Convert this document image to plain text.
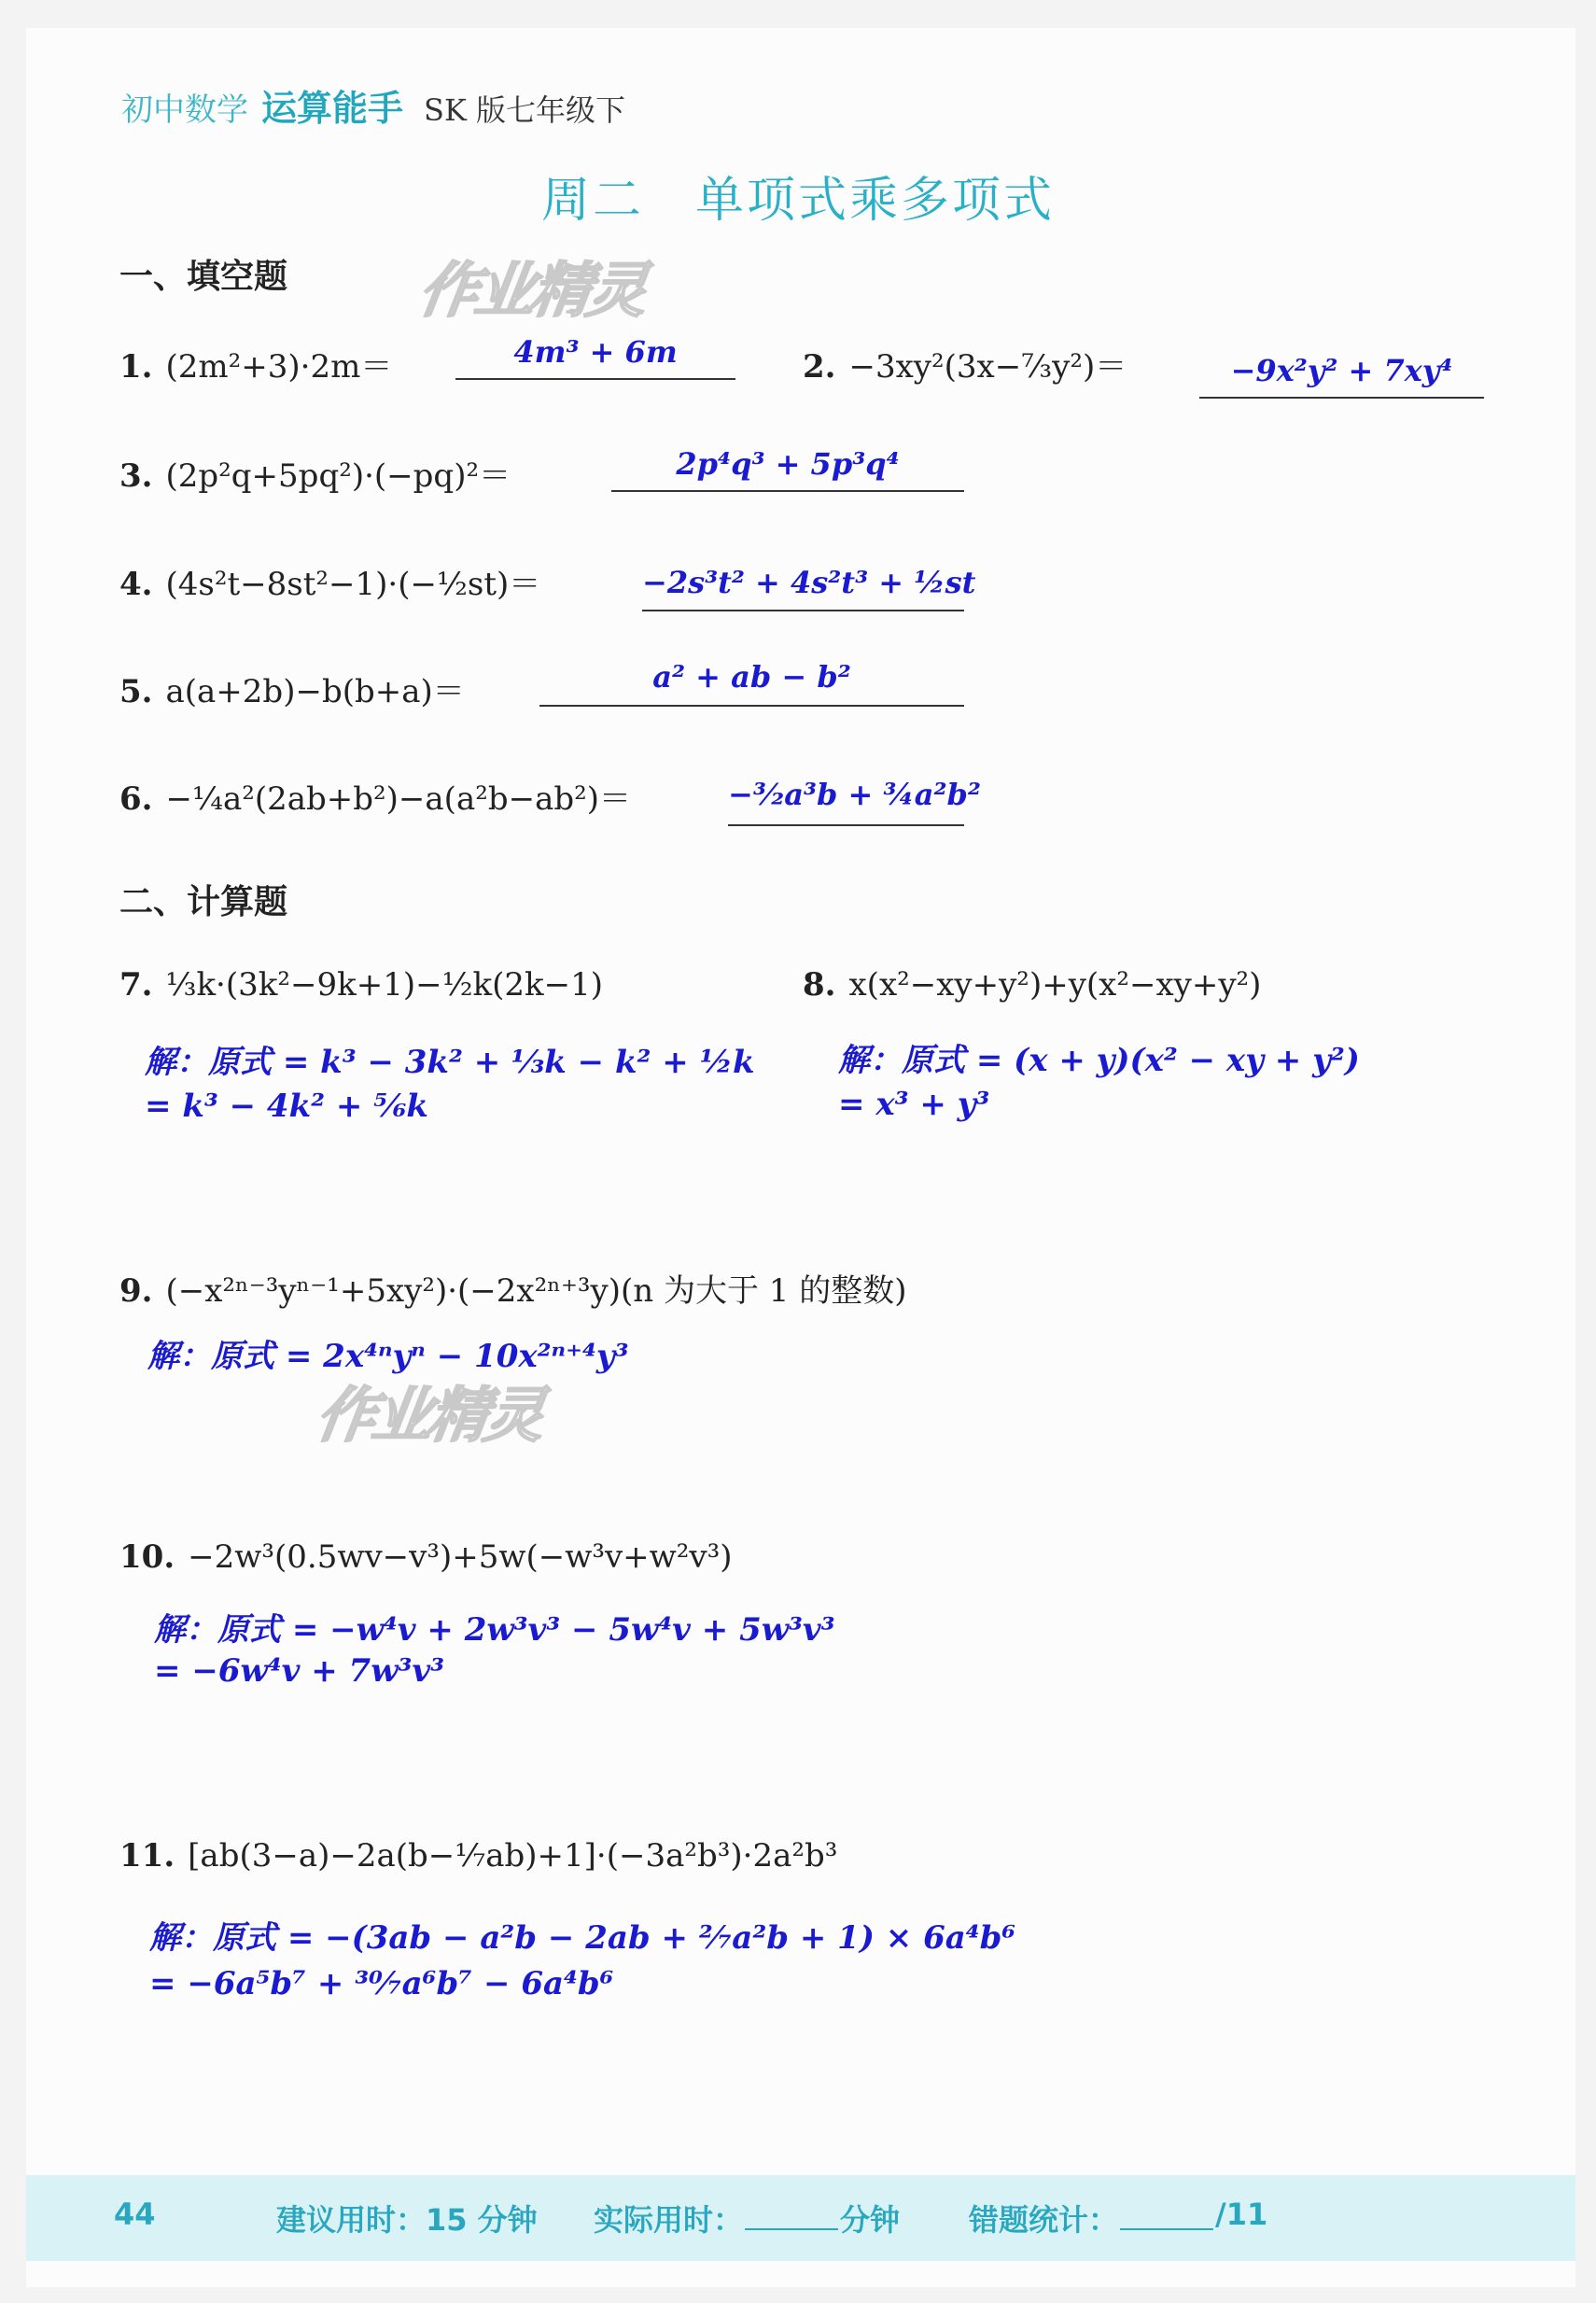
初中数学 运算能手 SK 版七年级下
周二　单项式乘多项式
一、填空题 作业精灵
1. (2m²+3)·2m＝	4m³ + 6m	2. −3xy²(3x−⁷⁄₃y²)＝	−9x²y² + 7xy⁴
3. (2p²q+5pq²)·(−pq)²＝	2p⁴q³ + 5p³q⁴
4. (4s²t−8st²−1)·(−½st)＝	−2s³t² + 4s²t³ + ½st
5. a(a+2b)−b(b+a)＝	a² + ab − b²
6. −¼a²(2ab+b²)−a(a²b−ab²)＝	−³⁄₂a³b + ¾a²b²
二、计算题
7. ⅓k·(3k²−9k+1)−½k(2k−1)
解：原式 = k³ − 3k² + ⅓k − k² + ½k
= k³ − 4k² + ⅚k
8. x(x²−xy+y²)+y(x²−xy+y²)
解：原式 = (x + y)(x² − xy + y²)
= x³ + y³
9. (−x²ⁿ⁻³yⁿ⁻¹+5xy²)·(−2x²ⁿ⁺³y)(n 为大于 1 的整数)
解：原式 = 2x⁴ⁿyⁿ − 10x²ⁿ⁺⁴y³
作业精灵
10. −2w³(0.5wv−v³)+5w(−w³v+w²v³)
解：原式 = −w⁴v + 2w³v³ − 5w⁴v + 5w³v³
= −6w⁴v + 7w³v³
11. [ab(3−a)−2a(b−⅐ab)+1]·(−3a²b³)·2a²b³
解：原式 = −(3ab − a²b − 2ab + ²⁄₇a²b + 1) × 6a⁴b⁶
= −6a⁵b⁷ + ³⁰⁄₇a⁶b⁷ − 6a⁴b⁶
44	建议用时：15 分钟 实际用时：	分钟 错题统计：	/11
